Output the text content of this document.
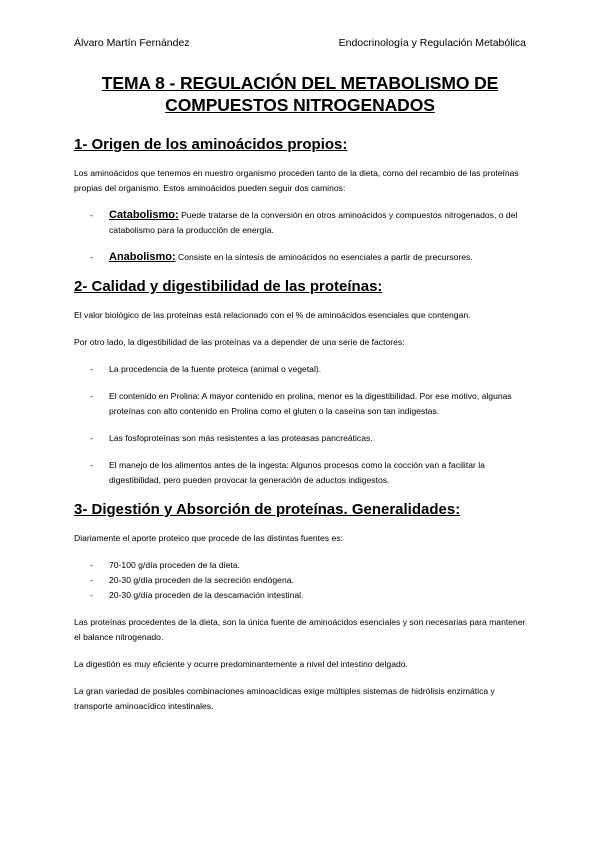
Álvaro Martín Fernández	Endocrinología y Regulación Metabólica
TEMA 8 - REGULACIÓN DEL METABOLISMO DE
COMPUESTOS NITROGENADOS
1- Origen de los aminoácidos propios:

Los aminoácidos que tenemos en nuestro organismo proceden tanto de la dieta, como del recambio de las proteínas propias del organismo. Estos aminoácidos pueden seguir dos caminos:

- Catabolismo: Puede tratarse de la conversión en otros aminoácidos y compuestos nitrogenados, o del catabolismo para la producción de energía.
- Anabolismo: Consiste en la síntesis de aminoácidos no esenciales a partir de precursores.
2- Calidad y digestibilidad de las proteínas:

El valor biológico de las proteínas está relacionado con el % de aminoácidos esenciales que contengan.

Por otro lado, la digestibilidad de las proteínas va a depender de una serie de factores:

- La procedencia de la fuente proteica (animal o vegetal).
- El contenido en Prolina: A mayor contenido en prolina, menor es la digestibilidad. Por ese motivo, algunas proteínas con alto contenido en Prolina como el gluten o la caseína son tan indigestas.
- Las fosfoproteínas son más resistentes a las proteasas pancreáticas.
- El manejo de los alimentos antes de la ingesta: Algunos procesos como la cocción van a facilitar la digestibilidad, pero pueden provocar la generación de aductos indigestos.
3- Digestión y Absorción de proteínas. Generalidades:

Diariamente el aporte proteico que procede de las distintas fuentes es:

- 70-100 g/día proceden de la dieta.
- 20-30 g/día proceden de la secreción endógena.
- 20-30 g/día proceden de la descamación intestinal.

Las proteínas procedentes de la dieta, son la única fuente de aminoácidos esenciales y son necesarias para mantener el balance nitrogenado.

La digestión es muy eficiente y ocurre predominantemente a nivel del intestino delgado.

La gran variedad de posibles combinaciones aminoacídicas exige múltiples sistemas de hidrólisis enzimática y transporte aminoacídico intestinales.
